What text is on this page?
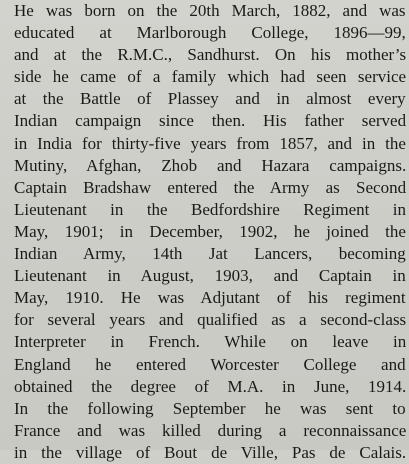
He was born on the 20th March, 1882, and was
educated at Marlborough College, 1896—99,
and at the R.M.C., Sandhurst. On his mother’s
side he came of a family which had seen service
at the Battle of Plassey and in almost every
Indian campaign since then. His father served
in India for thirty-five years from 1857, and in the
Mutiny, Afghan, Zhob and Hazara campaigns.
Captain Bradshaw entered the Army as Second
Lieutenant in the Bedfordshire Regiment in
May, 1901; in December, 1902, he joined the
Indian Army, 14th Jat Lancers, becoming
Lieutenant in August, 1903, and Captain in
May, 1910. He was Adjutant of his regiment
for several years and qualified as a second-class
Interpreter in French. While on leave in
England he entered Worcester College and
obtained the degree of M.A. in June, 1914.
In the following September he was sent to
France and was killed during a reconnaissance
in the village of Bout de Ville, Pas de Calais.
